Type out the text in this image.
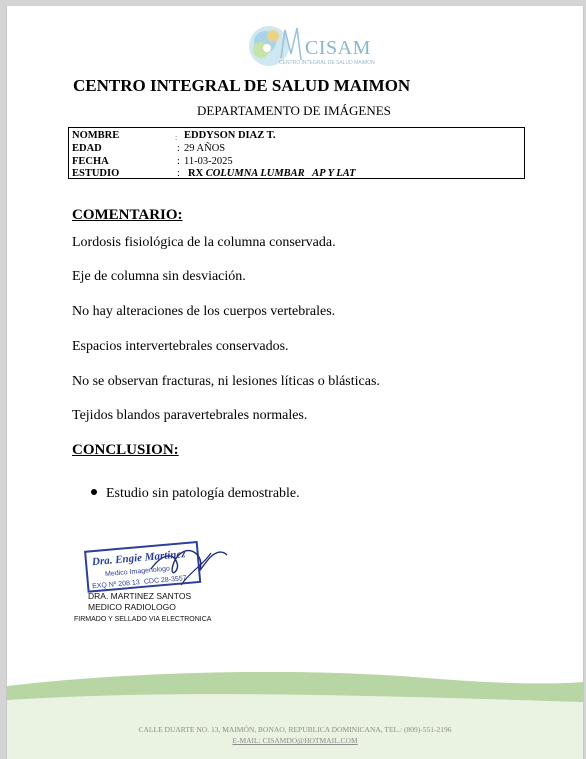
CISAM
CENTRO INTEGRAL DE SALUD MAIMON
CENTRO INTEGRAL DE SALUD MAIMON
DEPARTAMENTO DE IMÁGENES
NOMBRE	: EDDYSON DIAZ T.
EDAD	: 29 AÑOS
FECHA	: 11-03-2025
ESTUDIO	: RX COLUMNA LUMBAR   AP Y LAT
COMENTARIO:
Lordosis fisiológica de la columna conservada.
Eje de columna sin desviación.
No hay alteraciones de los cuerpos vertebrales.
Espacios intervertebrales conservados.
No se observan fracturas, ni lesiones líticas o blásticas.
Tejidos blandos paravertebrales normales.
CONCLUSION:
Estudio sin patología demostrable.
Dra. Engie Martinez
Medico Imagenologo
EXQ Nº 208 13 CDC 28-3557
DRA. MARTINEZ SANTOS
MEDICO RADIOLOGO
FIRMADO Y SELLADO VIA ELECTRONICA
CALLE DUARTE NO. 13, MAIMÓN, BONAO, REPUBLICA DOMINICANA, TEL.: (809)-551-2196
E-MAIL: CISAMDO@HOTMAIL.COM
